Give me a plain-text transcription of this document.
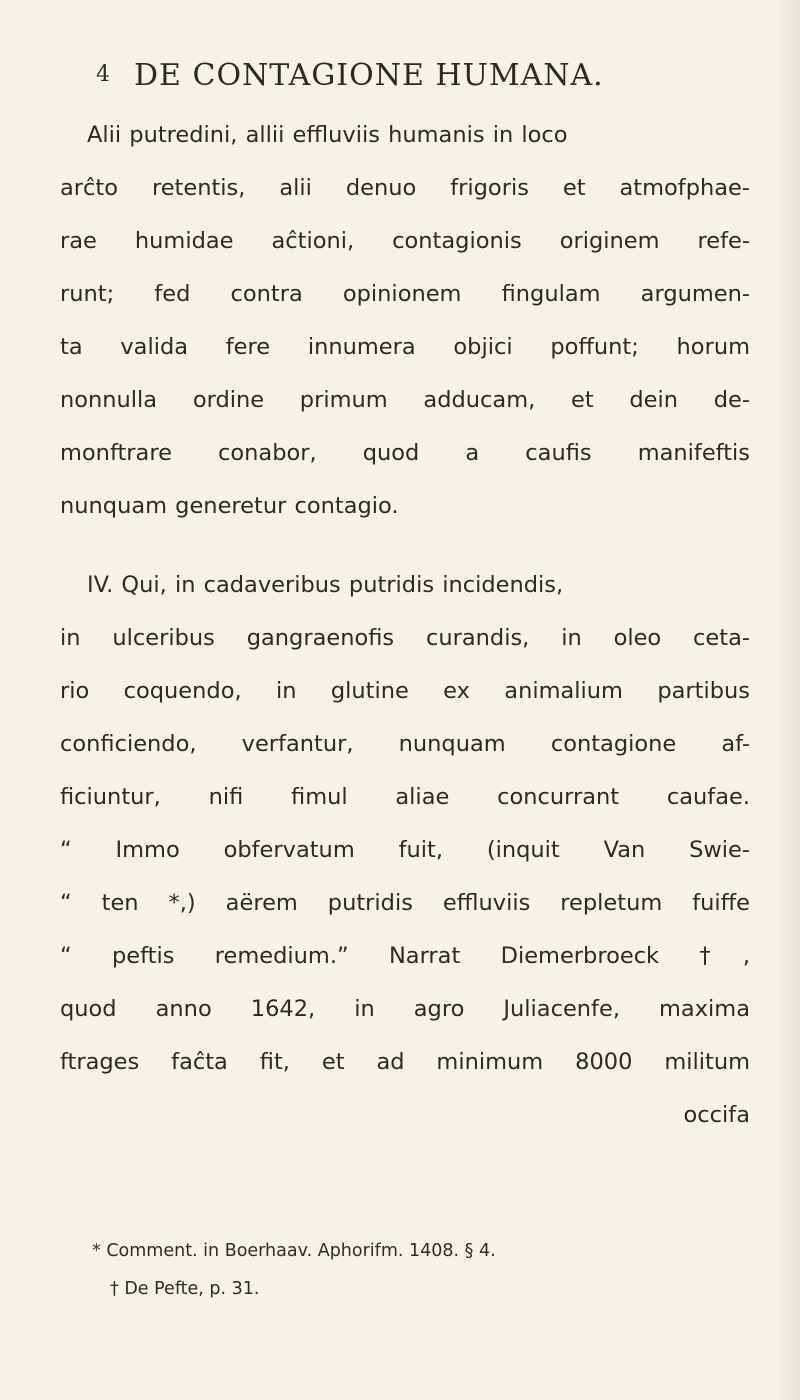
4 DE CONTAGIONE HUMANA.
Alii putredini, allii effluviis humanis in loco
arĉto retentis, alii denuo frigoris et atmofphae-
rae humidae aĉtioni, contagionis originem refe-
runt; fed contra opinionem fingulam argumen-
ta valida fere innumera objici poffunt; horum
nonnulla ordine primum adducam, et dein de-
monftrare conabor, quod a caufis manifeftis
nunquam generetur contagio.
IV. Qui, in cadaveribus putridis incidendis,
in ulceribus gangraenofis curandis, in oleo ceta-
rio coquendo, in glutine ex animalium partibus
conficiendo, verfantur, nunquam contagione af-
ficiuntur, nifi fimul aliae concurrant caufae.
“ Immo obfervatum fuit, (inquit Van Swie-
“ ten *,) aërem putridis effluviis repletum fuiffe
“ peftis remedium.” Narrat Diemerbroeck †,
quod anno 1642, in agro Juliacenfe, maxima
ftrages faĉta fit, et ad minimum 8000 militum
occifa
* Comment. in Boerhaav. Aphorifm. 1408. § 4.
† De Pefte, p. 31.
